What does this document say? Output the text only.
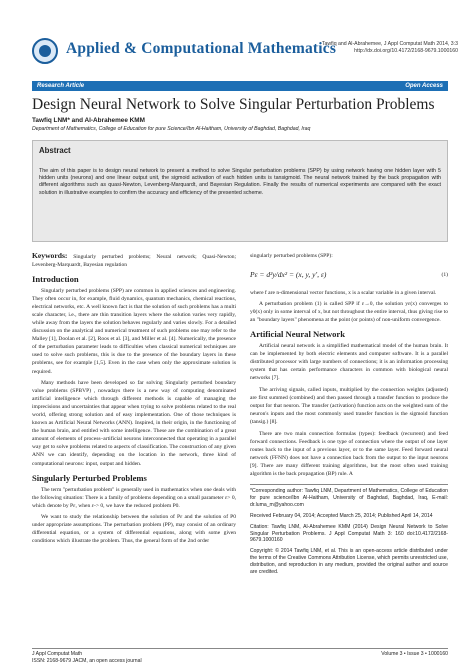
Applied & Computational Mathematics
Tawfiq and Al-Abrahemee, J Appl Computat Math 2014, 3:3
http://dx.doi.org/10.4172/2168-9679.1000160
Research Article	Open Access
Design Neural Network to Solve Singular Perturbation Problems
Tawfiq LNM* and Al-Abrahemee KMM
Department of Mathematics, College of Education for pure Science/Ibn Al-Haitham, University of Baghdad, Baghdad, Iraq
Abstract
The aim of this paper is to design neural network to present a method to solve Singular perturbation problems (SPP) by using network having one hidden layer with 5 hidden units (neurons) and one linear output unit, the sigmoid activation of each hidden units is tansigmoid. The neural network trained by the back propagation with different algorithms such as quasi-Newton, Levenberg-Marquardt, and Bayesian Regulation. Finally the results of numerical experiments are compared with the exact solution in illustrative examples to confirm the accuracy and efficiency of the presented scheme.
Keywords: Singularly perturbed problems; Neural network; Quasi-Newton; Levenberg-Marquardt, Bayesian regulation
Introduction

Singularly perturbed problems (SPP) are common in applied sciences and engineering. They often occur in, for example, fluid dynamics, quantum mechanics, chemical reactions, electrical networks, etc. A well known fact is that the solution of such problems has a multi scale character, i.e., there are thin transition layers where the solution varies very rapidly, while away from the layers the solution behaves regularly and varies slowly. For a detailed discussion on the analytical and numerical treatment of such problems one may refer to the Malley [1], Doolan et al. [2], Roos et al. [3], and Miller et al. [4]. Numerically, the presence of the perturbation parameter leads to difficulties when classical numerical techniques are used to solve such problems, this is due to the presence of the boundary layers in these problems, see for example [1,5]. Even in the case when only the approximate solution is required.

Many methods have been developed so far solving Singularly perturbed boundary value problems (SPBVP) , nowadays there is a new way of computing denominated artificial intelligence which through different methods is capable of managing the imprecisions and uncertainties that appear when trying to solve problems related to the real world, offering strong solution and of easy implementation. One of those techniques is known as Artificial Neural Networks (ANN). Inspired, in their origin, in the functioning of the human brain, and entitled with some intelligence. These are the combination of a great amount of elements of process–artificial neurons interconnected that operating in a parallel way get to solve problems related to aspects of classification. The construction of any given ANN we can identify, depending on the location in the network, three kind of computational neurons: input, output and hidden.

Singularly Perturbed Problems

The term "perturbation problem" is generally used in mathematics when one deals with the following situation: There is a family of problems depending on a small parameter ε> 0, which denote by Pε, when ε-> 0, we have the reduced problem P0.

We want to study the relationship between the solution of Pε and the solution of P0 under appropriate assumptions. The perturbation problem (PP), may consist of an ordinary differential equation, or a system of differential equations, along with some given conditions which illustrate the problem. Thus, the general form of the 2nd order

singularly perturbed problems (SPP):

Pε = d²y/dx² = (x, y, y′, ε)	(1)

where f are n-dimensional vector functions, x is a scalar variable in a given interval.

A perturbation problem (1) is called SPP if ε→0, the solution yε(x) converges to y0(x) only in some interval of x, but not throughout the entire interval, thus giving rise to an "boundary layers" phenomena at the point (or points) of non-uniform convergence.

Artificial Neural Network

Artificial neural network is a simplified mathematical model of the human brain. It can be implemented by both electric elements and computer software. It is a parallel distributed processor with large numbers of connections; it is an information processing system that has certain performance characters in common with biological neural networks [7].

The arriving signals, called inputs, multiplied by the connection weights (adjusted) are first summed (combined) and then passed through a transfer function to produce the output for that neuron. The transfer (activation) function acts on the weighted sum of the neuron's inputs and the most commonly used transfer function is the sigmoid function (tansig.) [8].

There are two main connection formulas (types): feedback (recurrent) and feed forward connections. Feedback is one type of connection where the output of one layer routes back to the input of a previous layer, or to the same layer. Feed forward neural network (FFNN) does not have a connection back from the output to the input neurons [9]. There are many different training algorithms, but the most often used training algorithm is the back propagation (BP) rule. A

*Corresponding author: Tawfiq LNM, Department of Mathematics, College of Education for pure science/Ibn Al-Haitham, University of Baghdad, Baghdad, Iraq, E-mail: dr.luma_m@yahoo.com

Received February 04, 2014; Accepted March 25, 2014; Published April 14, 2014

Citation: Tawfiq LNM, Al-Abrahemee KMM (2014) Design Neural Network to Solve Singular Perturbation Problems. J Appl Computat Math 3: 160 doi:10.4172/2168-9679.1000160

Copyright: © 2014 Tawfiq LNM, et al. This is an open-access article distributed under the terms of the Creative Commons Attribution License, which permits unrestricted use, distribution, and reproduction in any medium, provided the original author and source are credited.

J Appl Computat Math
ISSN: 2168-9679 JACM, an open access journal
Volume 3 • Issue 3 • 1000160
